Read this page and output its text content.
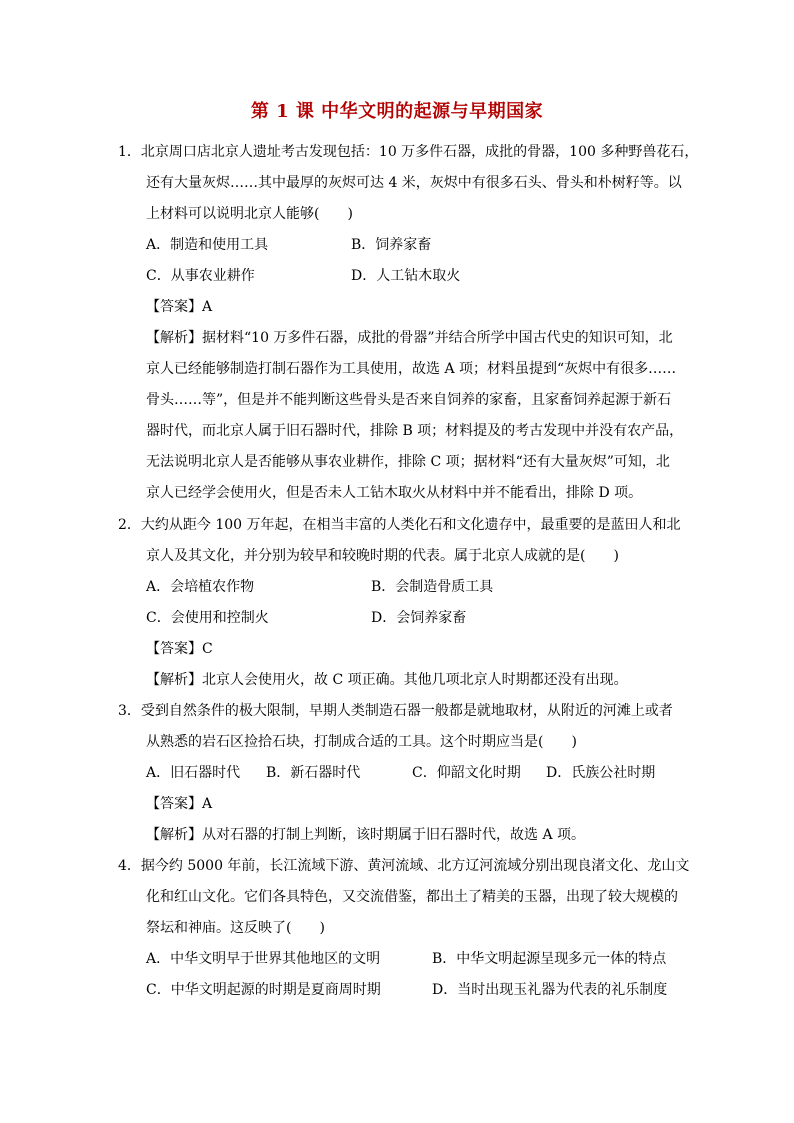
第 1 课 中华文明的起源与早期国家
1．北京周口店北京人遗址考古发现包括：10 万多件石器，成批的骨器，100 多种野兽花石，
还有大量灰烬……其中最厚的灰烬可达 4 米，灰烬中有很多石头、骨头和朴树籽等。以
上材料可以说明北京人能够(　　)
A．制造和使用工具	B．饲养家畜
C．从事农业耕作	D．人工钻木取火
【答案】A
【解析】据材料“10 万多件石器，成批的骨器”并结合所学中国古代史的知识可知，北
京人已经能够制造打制石器作为工具使用，故选 A 项；材料虽提到“灰烬中有很多……
骨头……等”，但是并不能判断这些骨头是否来自饲养的家畜，且家畜饲养起源于新石
器时代，而北京人属于旧石器时代，排除 B 项；材料提及的考古发现中并没有农产品，
无法说明北京人是否能够从事农业耕作，排除 C 项；据材料“还有大量灰烬”可知，北
京人已经学会使用火，但是否未人工钻木取火从材料中并不能看出，排除 D 项。
2．大约从距今 100 万年起，在相当丰富的人类化石和文化遗存中，最重要的是蓝田人和北
京人及其文化，并分别为较早和较晚时期的代表。属于北京人成就的是(　　)
A．会培植农作物	B．会制造骨质工具
C．会使用和控制火	D．会饲养家畜
【答案】C
【解析】北京人会使用火，故 C 项正确。其他几项北京人时期都还没有出现。
3．受到自然条件的极大限制，早期人类制造石器一般都是就地取材，从附近的河滩上或者
从熟悉的岩石区捡拾石块，打制成合适的工具。这个时期应当是(　　)
A．旧石器时代 B．新石器时代	C．仰韶文化时期 D．氏族公社时期
【答案】A
【解析】从对石器的打制上判断，该时期属于旧石器时代，故选 A 项。
4．据今约 5000 年前，长江流域下游、黄河流域、北方辽河流域分别出现良渚文化、龙山文
化和红山文化。它们各具特色，又交流借鉴，都出土了精美的玉器，出现了较大规模的
祭坛和神庙。这反映了(　　)
A．中华文明早于世界其他地区的文明	B．中华文明起源呈现多元一体的特点
C．中华文明起源的时期是夏商周时期	D．当时出现玉礼器为代表的礼乐制度
